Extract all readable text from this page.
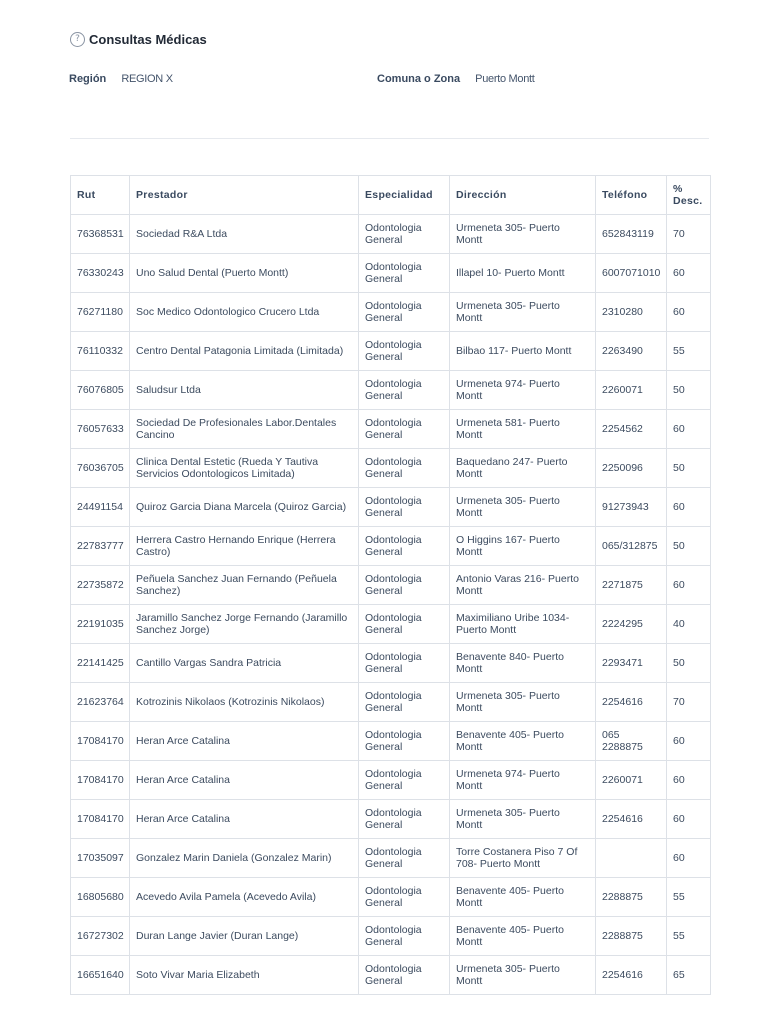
? Consultas Médicas
Región REGION X	Comuna o Zona Puerto Montt
Rut	Prestador	Especialidad	Dirección	Teléfono	% Desc.
76368531	Sociedad R&A Ltda	Odontologia General	Urmeneta 305- Puerto Montt	652843119	70
76330243	Uno Salud Dental (Puerto Montt)	Odontologia General	Illapel 10- Puerto Montt	6007071010	60
76271180	Soc Medico Odontologico Crucero Ltda	Odontologia General	Urmeneta 305- Puerto Montt	2310280	60
76110332	Centro Dental Patagonia Limitada (Limitada)	Odontologia General	Bilbao 117- Puerto Montt	2263490	55
76076805	Saludsur Ltda	Odontologia General	Urmeneta 974- Puerto Montt	2260071	50
76057633	Sociedad De Profesionales Labor.Dentales Cancino	Odontologia General	Urmeneta 581- Puerto Montt	2254562	60
76036705	Clinica Dental Estetic (Rueda Y Tautiva Servicios Odontologicos Limitada)	Odontologia General	Baquedano 247- Puerto Montt	2250096	50
24491154	Quiroz Garcia Diana Marcela (Quiroz Garcia)	Odontologia General	Urmeneta 305- Puerto Montt	91273943	60
22783777	Herrera Castro Hernando Enrique (Herrera Castro)	Odontologia General	O Higgins 167- Puerto Montt	065/312875	50
22735872	Peñuela Sanchez Juan Fernando (Peñuela Sanchez)	Odontologia General	Antonio Varas 216- Puerto Montt	2271875	60
22191035	Jaramillo Sanchez Jorge Fernando (Jaramillo Sanchez Jorge)	Odontologia General	Maximiliano Uribe 1034- Puerto Montt	2224295	40
22141425	Cantillo Vargas Sandra Patricia	Odontologia General	Benavente 840- Puerto Montt	2293471	50
21623764	Kotrozinis Nikolaos (Kotrozinis Nikolaos)	Odontologia General	Urmeneta 305- Puerto Montt	2254616	70
17084170	Heran Arce Catalina	Odontologia General	Benavente 405- Puerto Montt	065 2288875	60
17084170	Heran Arce Catalina	Odontologia General	Urmeneta 974- Puerto Montt	2260071	60
17084170	Heran Arce Catalina	Odontologia General	Urmeneta 305- Puerto Montt	2254616	60
17035097	Gonzalez Marin Daniela (Gonzalez Marin)	Odontologia General	Torre Costanera Piso 7 Of 708- Puerto Montt		60
16805680	Acevedo Avila Pamela (Acevedo Avila)	Odontologia General	Benavente 405- Puerto Montt	2288875	55
16727302	Duran Lange Javier (Duran Lange)	Odontologia General	Benavente 405- Puerto Montt	2288875	55
16651640	Soto Vivar Maria Elizabeth	Odontologia General	Urmeneta 305- Puerto Montt	2254616	65
